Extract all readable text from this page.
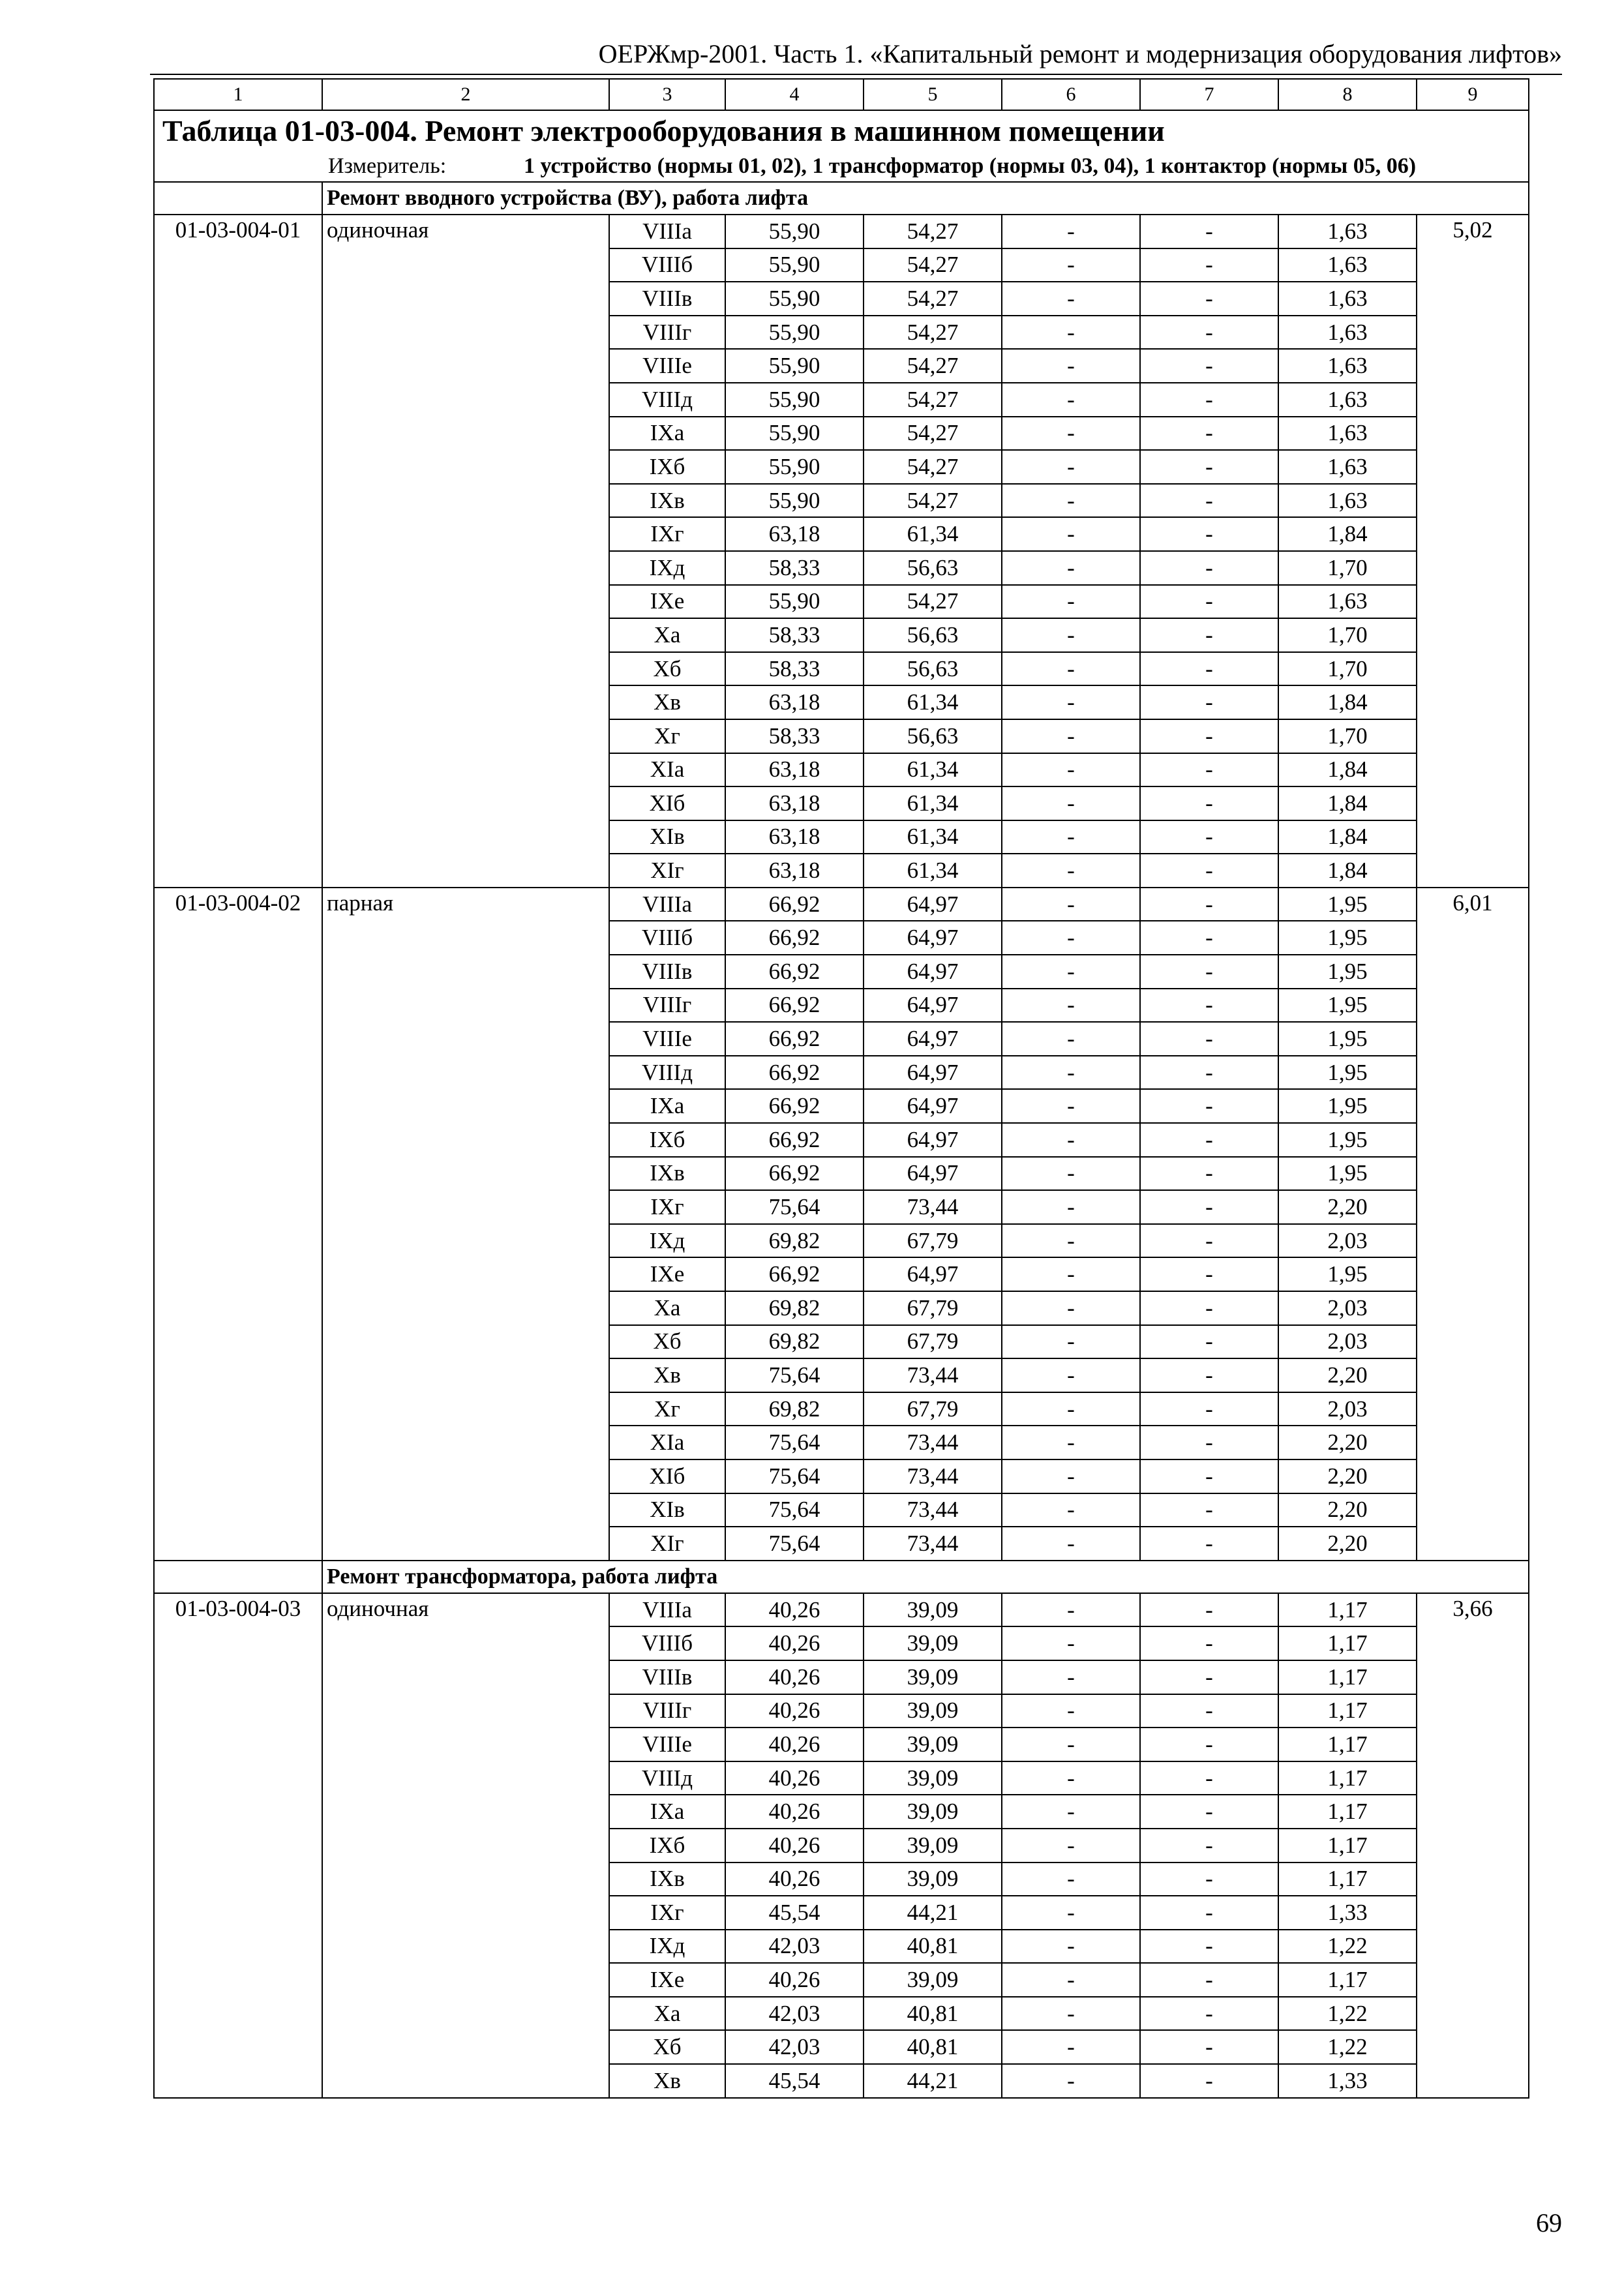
ОЕРЖмр-2001. Часть 1. «Капитальный ремонт и модернизация оборудования лифтов»
1	2	3	4	5	6	7	8	9
Таблица 01-03-004. Ремонт электрооборудования в машинном помещении								
Измеритель: 1 устройство (нормы 01, 02), 1 трансформатор (нормы 03, 04), 1 контактор (нормы 05, 06)								
	Ремонт вводного устройства (ВУ), работа лифта							
01-03-004-01	одиночная	VIIIа	55,90	54,27	-	-	1,63	5,02
		VIIIб	55,90	54,27	-	-	1,63	
		VIIIв	55,90	54,27	-	-	1,63	
		VIIIг	55,90	54,27	-	-	1,63	
		VIIIе	55,90	54,27	-	-	1,63	
		VIIIд	55,90	54,27	-	-	1,63	
		IXа	55,90	54,27	-	-	1,63	
		IXб	55,90	54,27	-	-	1,63	
		IXв	55,90	54,27	-	-	1,63	
		IXг	63,18	61,34	-	-	1,84	
		IXд	58,33	56,63	-	-	1,70	
		IXе	55,90	54,27	-	-	1,63	
		Xа	58,33	56,63	-	-	1,70	
		Xб	58,33	56,63	-	-	1,70	
		Xв	63,18	61,34	-	-	1,84	
		Xг	58,33	56,63	-	-	1,70	
		XIа	63,18	61,34	-	-	1,84	
		XIб	63,18	61,34	-	-	1,84	
		XIв	63,18	61,34	-	-	1,84	
		XIг	63,18	61,34	-	-	1,84	
01-03-004-02	парная	VIIIа	66,92	64,97	-	-	1,95	6,01
		VIIIб	66,92	64,97	-	-	1,95	
		VIIIв	66,92	64,97	-	-	1,95	
		VIIIг	66,92	64,97	-	-	1,95	
		VIIIе	66,92	64,97	-	-	1,95	
		VIIIд	66,92	64,97	-	-	1,95	
		IXа	66,92	64,97	-	-	1,95	
		IXб	66,92	64,97	-	-	1,95	
		IXв	66,92	64,97	-	-	1,95	
		IXг	75,64	73,44	-	-	2,20	
		IXд	69,82	67,79	-	-	2,03	
		IXе	66,92	64,97	-	-	1,95	
		Xа	69,82	67,79	-	-	2,03	
		Xб	69,82	67,79	-	-	2,03	
		Xв	75,64	73,44	-	-	2,20	
		Xг	69,82	67,79	-	-	2,03	
		XIа	75,64	73,44	-	-	2,20	
		XIб	75,64	73,44	-	-	2,20	
		XIв	75,64	73,44	-	-	2,20	
		XIг	75,64	73,44	-	-	2,20	
	Ремонт трансформатора, работа лифта							
01-03-004-03	одиночная	VIIIа	40,26	39,09	-	-	1,17	3,66
		VIIIб	40,26	39,09	-	-	1,17	
		VIIIв	40,26	39,09	-	-	1,17	
		VIIIг	40,26	39,09	-	-	1,17	
		VIIIе	40,26	39,09	-	-	1,17	
		VIIIд	40,26	39,09	-	-	1,17	
		IXа	40,26	39,09	-	-	1,17	
		IXб	40,26	39,09	-	-	1,17	
		IXв	40,26	39,09	-	-	1,17	
		IXг	45,54	44,21	-	-	1,33	
		IXд	42,03	40,81	-	-	1,22	
		IXе	40,26	39,09	-	-	1,17	
		Xа	42,03	40,81	-	-	1,22	
		Xб	42,03	40,81	-	-	1,22	
		Xв	45,54	44,21	-	-	1,33	
69
